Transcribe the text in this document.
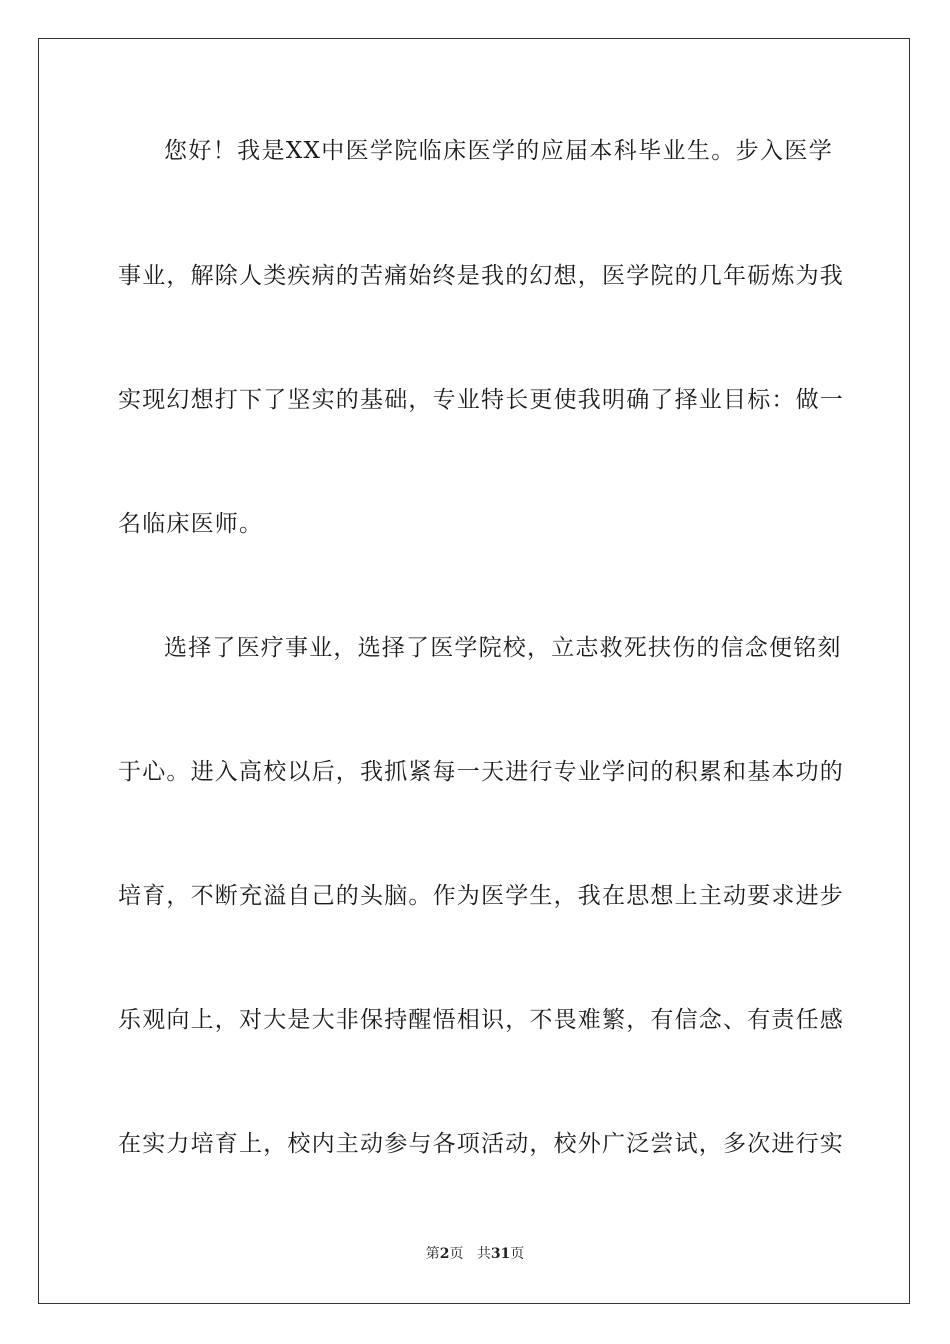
您好！我是XX中医学院临床医学的应届本科毕业生。步入医学
事业，解除人类疾病的苦痛始终是我的幻想，医学院的几年砺炼为我
实现幻想打下了坚实的基础，专业特长更使我明确了择业目标：做一
名临床医师。
选择了医疗事业，选择了医学院校，立志救死扶伤的信念便铭刻
于心。进入高校以后，我抓紧每一天进行专业学问的积累和基本功的
培育，不断充溢自己的头脑。作为医学生，我在思想上主动要求进步
乐观向上，对大是大非保持醒悟相识，不畏难繁，有信念、有责任感
在实力培育上，校内主动参与各项活动，校外广泛尝试，多次进行实
第2页 共31页
